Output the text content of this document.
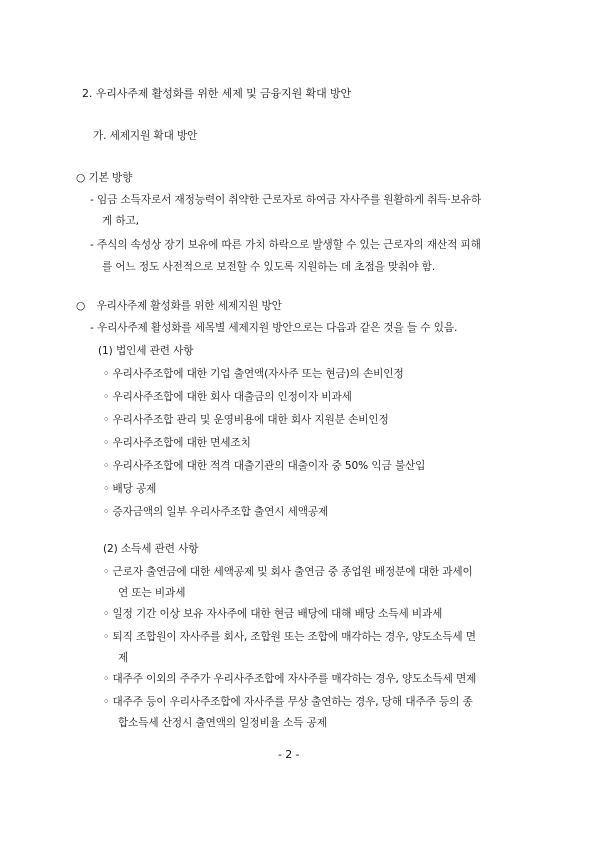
2. 우리사주제 활성화를 위한 세제 및 금융지원 확대 방안
가. 세제지원 확대 방안
○ 기본 방향
- 임금 소득자로서 재정능력이 취약한 근로자로 하여금 자사주를 원활하게 취득·보유하
게 하고,
- 주식의 속성상 장기 보유에 따른 가치 하락으로 발생할 수 있는 근로자의 재산적 피해
를 어느 정도 사전적으로 보전할 수 있도록 지원하는 데 초점을 맞춰야 함.
○ 우리사주제 활성화를 위한 세제지원 방안
- 우리사주제 활성화를 세목별 세제지원 방안으로는 다음과 같은 것을 들 수 있음.
(1) 법인세 관련 사항
◦ 우리사주조합에 대한 기업 출연액(자사주 또는 현금)의 손비인정
◦ 우리사주조합에 대한 회사 대출금의 인정이자 비과세
◦ 우리사주조합 관리 및 운영비용에 대한 회사 지원분 손비인정
◦ 우리사주조합에 대한 면세조치
◦ 우리사주조합에 대한 적격 대출기관의 대출이자 중 50% 익금 불산입
◦ 배당 공제
◦ 증자금액의 일부 우리사주조합 출연시 세액공제
(2) 소득세 관련 사항
◦ 근로자 출연금에 대한 세액공제 및 회사 출연금 중 종업원 배정분에 대한 과세이
연 또는 비과세
◦ 일정 기간 이상 보유 자사주에 대한 현금 배당에 대해 배당 소득세 비과세
◦ 퇴직 조합원이 자사주를 회사, 조합원 또는 조합에 매각하는 경우, 양도소득세 면
제
◦ 대주주 이외의 주주가 우리사주조합에 자사주를 매각하는 경우, 양도소득세 면제
◦ 대주주 등이 우리사주조합에 자사주를 무상 출연하는 경우, 당해 대주주 등의 종
합소득세 산정시 출연액의 일정비율 소득 공제
- 2 -
